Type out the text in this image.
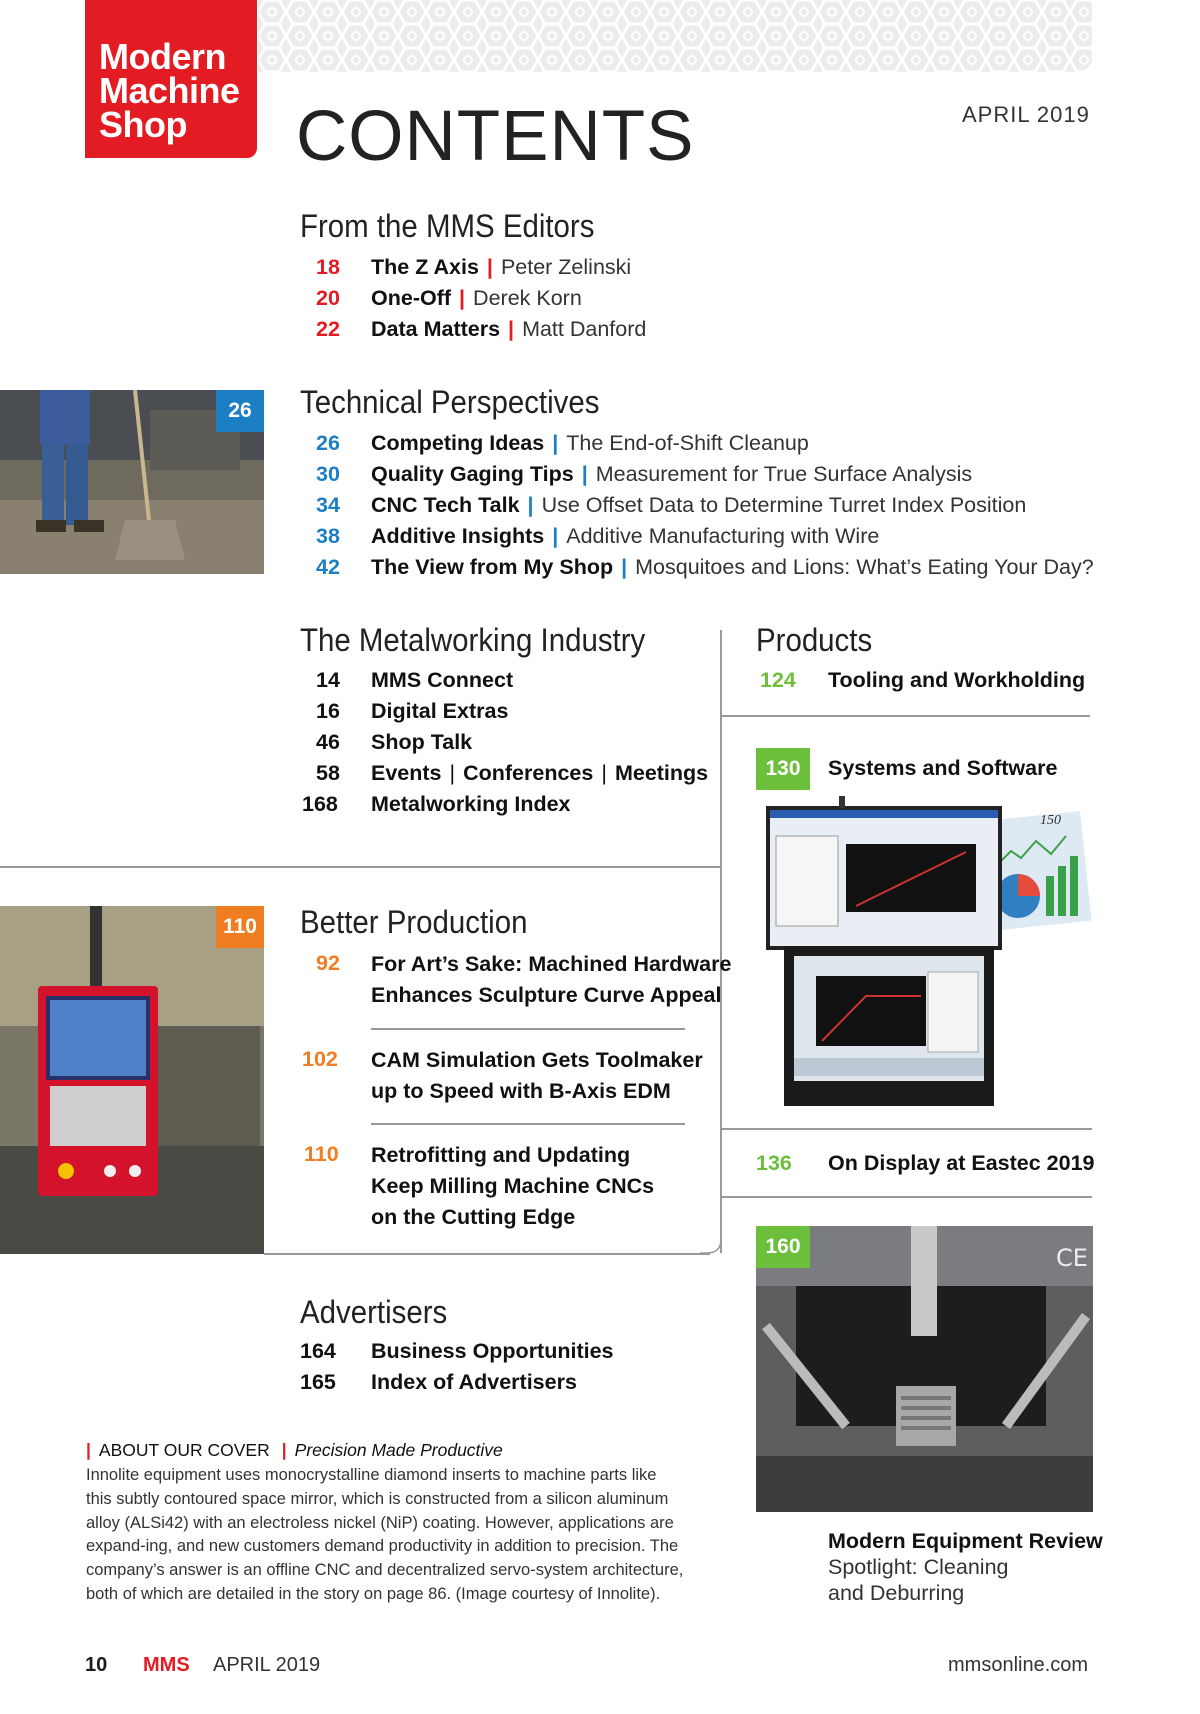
Modern
Machine
Shop	CONTENTS	APRIL 2019
From the MMS Editors
18 The Z Axis | Peter Zelinski
20 One-Off | Derek Korn
22 Data Matters | Matt Danford
26	Technical Perspectives
26 Competing Ideas | The End-of-Shift Cleanup
30 Quality Gaging Tips | Measurement for True Surface Analysis
34 CNC Tech Talk | Use Offset Data to Determine Turret Index Position
38 Additive Insights | Additive Manufacturing with Wire
42 The View from My Shop | Mosquitoes and Lions: What’s Eating Your Day?
The Metalworking Industry
14 MMS Connect
16 Digital Extras
46 Shop Talk
58 Events | Conferences | Meetings
168 Metalworking Index
Products
124 Tooling and Workholding
130	Systems and Software
150
136 On Display at Eastec 2019
CE
160
Modern Equipment Review
Spotlight: Cleaning
and Deburring
110 Better Production
92 For Art’s Sake: Machined Hardware
Enhances Sculpture Curve Appeal
102 CAM Simulation Gets Toolmaker
up to Speed with B-Axis EDM
110 Retrofitting and Updating
Keep Milling Machine CNCs
on the Cutting Edge
Advertisers
164 Business Opportunities
165 Index of Advertisers
| ABOUT OUR COVER | Precision Made Productive
Innolite equipment uses monocrystalline diamond inserts to machine parts like this subtly contoured space mirror, which is constructed from a silicon aluminum alloy (ALSi42) with an electroless nickel (NiP) coating. However, applications are expand-ing, and new customers demand productivity in addition to precision. The company’s answer is an offline CNC and decentralized servo-system architecture, both of which are detailed in the story on page 86. (Image courtesy of Innolite).
10 MMS APRIL 2019	mmsonline.com
